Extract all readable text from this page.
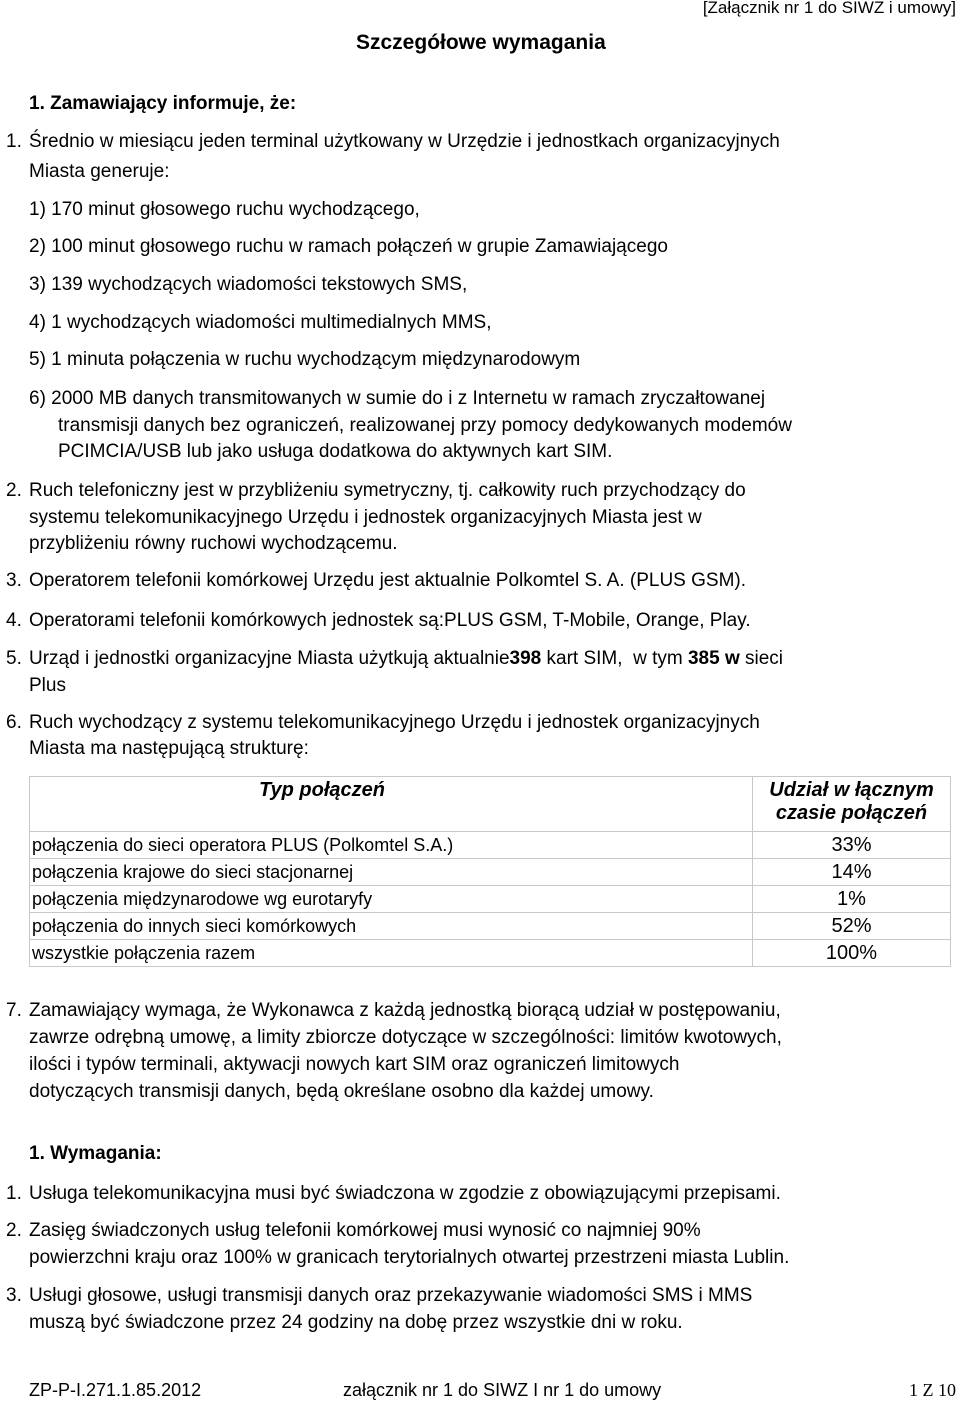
[Załącznik nr 1 do SIWZ i umowy]
Szczegółowe wymagania
1. Zamawiający informuje, że:
1. Średnio w miesiącu jeden terminal użytkowany w Urzędzie i jednostkach organizacyjnych
Miasta generuje:
1) 170 minut głosowego ruchu wychodzącego,
2) 100 minut głosowego ruchu w ramach połączeń w grupie Zamawiającego
3) 139 wychodzących wiadomości tekstowych SMS,
4) 1 wychodzących wiadomości multimedialnych MMS,
5) 1 minuta połączenia w ruchu wychodzącym międzynarodowym
6) 2000 MB danych transmitowanych w sumie do i z Internetu w ramach zryczałtowanej
transmisji danych bez ograniczeń, realizowanej przy pomocy dedykowanych modemów
PCIMCIA/USB lub jako usługa dodatkowa do aktywnych kart SIM.
2. Ruch telefoniczny jest w przybliżeniu symetryczny, tj. całkowity ruch przychodzący do
systemu telekomunikacyjnego Urzędu i jednostek organizacyjnych Miasta jest w
przybliżeniu równy ruchowi wychodzącemu.
3. Operatorem telefonii komórkowej Urzędu jest aktualnie Polkomtel S. A. (PLUS GSM).
4. Operatorami telefonii komórkowych jednostek są:PLUS GSM, T-Mobile, Orange, Play.
5. Urząd i jednostki organizacyjne Miasta użytkują aktualnie398 kart SIM,  w tym 385 w sieci
Plus
6. Ruch wychodzący z systemu telekomunikacyjnego Urzędu i jednostek organizacyjnych
Miasta ma następującą strukturę:
Typ połączeń	Udział w łącznym czasie połączeń
połączenia do sieci operatora PLUS (Polkomtel S.A.)	33%
połączenia krajowe do sieci stacjonarnej	14%
połączenia międzynarodowe wg eurotaryfy	1%
połączenia do innych sieci komórkowych	52%
wszystkie połączenia razem	100%
7. Zamawiający wymaga, że Wykonawca z każdą jednostką biorącą udział w postępowaniu,
zawrze odrębną umowę, a limity zbiorcze dotyczące w szczególności: limitów kwotowych,
ilości i typów terminali, aktywacji nowych kart SIM oraz ograniczeń limitowych
dotyczących transmisji danych, będą określane osobno dla każdej umowy.
1. Wymagania:
1. Usługa telekomunikacyjna musi być świadczona w zgodzie z obowiązującymi przepisami.
2. Zasięg świadczonych usług telefonii komórkowej musi wynosić co najmniej 90%
powierzchni kraju oraz 100% w granicach terytorialnych otwartej przestrzeni miasta Lublin.
3. Usługi głosowe, usługi transmisji danych oraz przekazywanie wiadomości SMS i MMS
muszą być świadczone przez 24 godziny na dobę przez wszystkie dni w roku.
ZP-P-I.271.1.85.2012	załącznik nr 1 do SIWZ I nr 1 do umowy	1 Z 10
